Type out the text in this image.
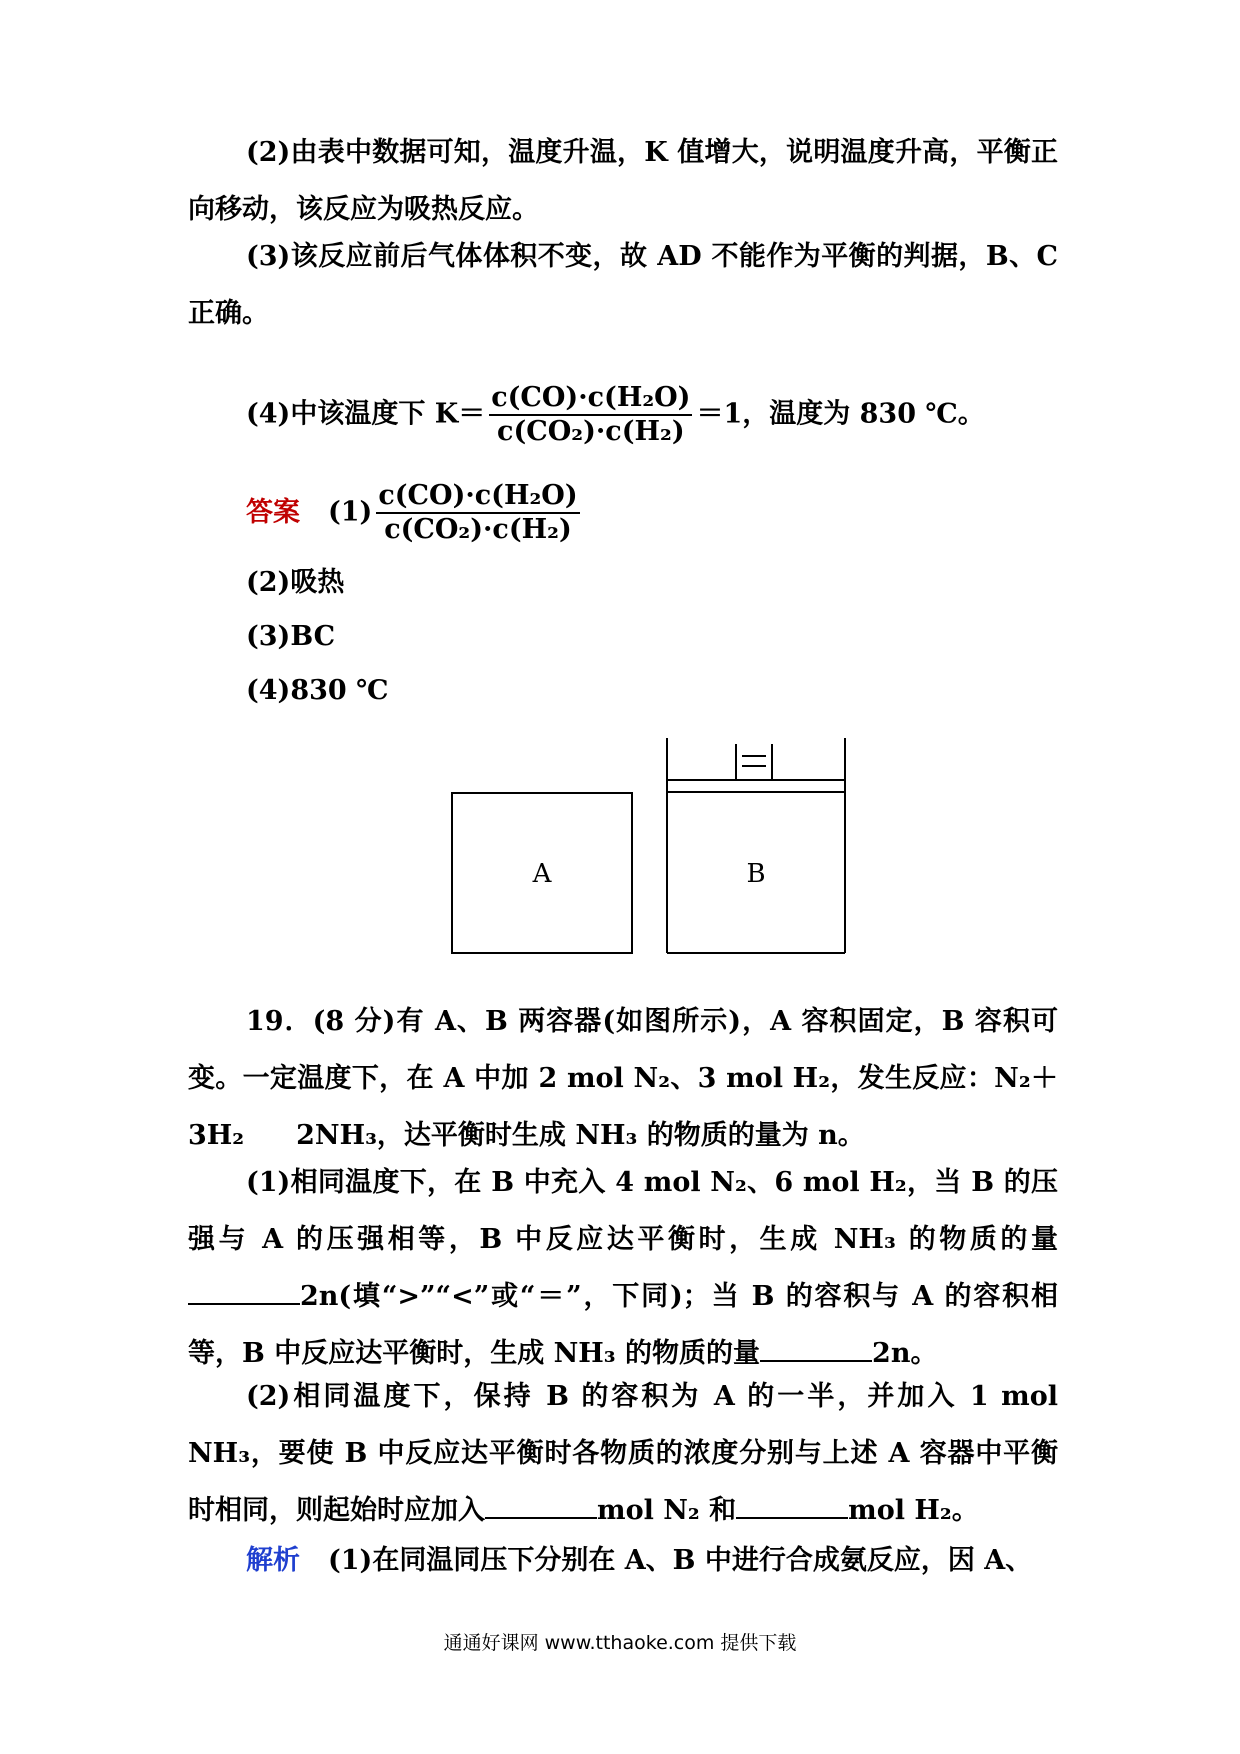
(2)由表中数据可知，温度升温，K 值增大，说明温度升高，平衡正向移动，该反应为吸热反应。

(3)该反应前后气体体积不变，故 AD 不能作为平衡的判据，B、C 正确。

(4)中该温度下 $K= \frac{\text{c(CO)·c(H₂O)}}{\text{c(CO₂)·c(H₂)}} =1$，温度为 830 ℃。

答案 $(1) \frac{\text{c(CO)·c(H₂O)}}{\text{c(CO₂)·c(H₂)}}$
(2)吸热
(3)BC
(4)830 ℃
A	B

19．(8 分)有 A、B 两容器(如图所示)，A 容积固定，B 容积可变。一定温度下，在 A 中加 2 mol N₂、3 mol H₂，发生反应：N₂＋3H₂ 2NH₃，达平衡时生成 NH₃ 的物质的量为 n。

(1)相同温度下，在 B 中充入 4 mol N₂、6 mol H₂，当 B 的压强与 A 的压强相等，B 中反应达平衡时，生成 NH₃ 的物质的量 2n(填“>”“<”或“＝”，下同)；当 B 的容积与 A 的容积相等，B 中反应达平衡时，生成 NH₃ 的物质的量	2n。

(2)相同温度下，保持 B 的容积为 A 的一半，并加入 1 mol NH₃，要使 B 中反应达平衡时各物质的浓度分别与上述 A 容器中平衡时相同，则起始时应加入	mol N₂ 和	mol H₂。

解析 (1)在同温同压下分别在 A、B 中进行合成氨反应，因 A、

通通好课网 www.tthaoke.com 提供下载
